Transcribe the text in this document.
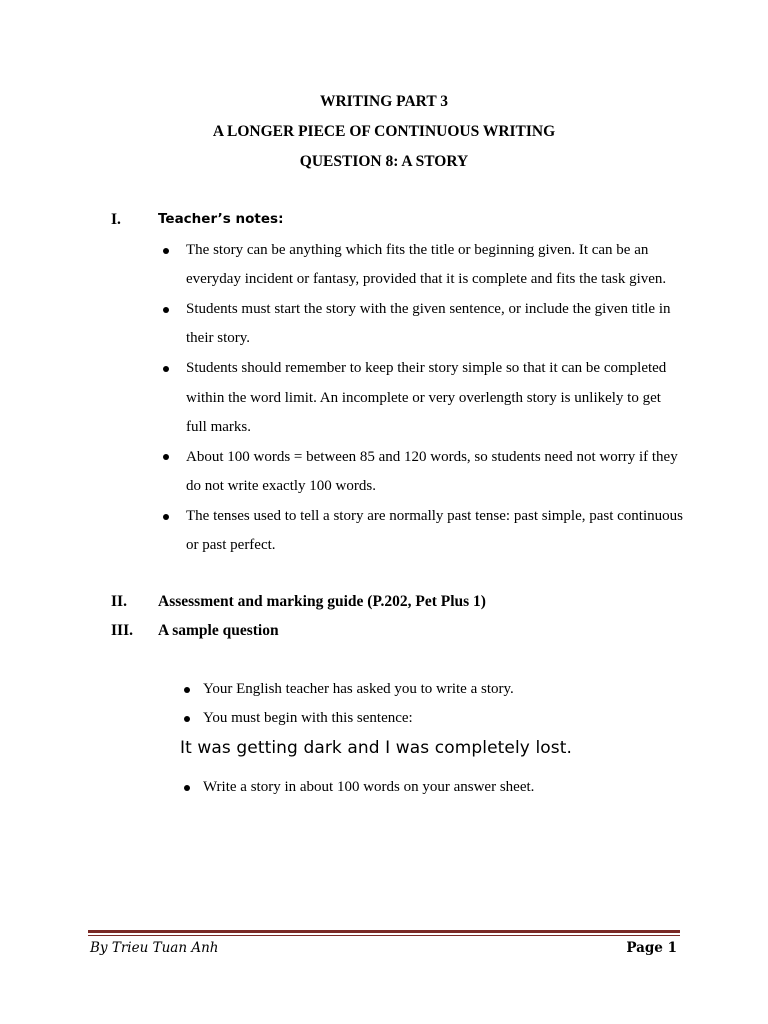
WRITING PART 3
A LONGER PIECE OF CONTINUOUS WRITING
QUESTION 8: A STORY
I.	Teacher’s notes:
The story can be anything which fits the title or beginning given. It can be an everyday incident or fantasy, provided that it is complete and fits the task given.
Students must start the story with the given sentence, or include the given title in their story.
Students should remember to keep their story simple so that it can be completed within the word limit. An incomplete or very overlength story is unlikely to get full marks.
About 100 words = between 85 and 120 words, so students need not worry if they do not write exactly 100 words.
The tenses used to tell a story are normally past tense: past simple, past continuous or past perfect.
II. Assessment and marking guide (P.202, Pet Plus 1)
III. A sample question
Your English teacher has asked you to write a story.
You must begin with this sentence:
It was getting dark and I was completely lost.
Write a story in about 100 words on your answer sheet.
By Trieu Tuan Anh	Page 1
